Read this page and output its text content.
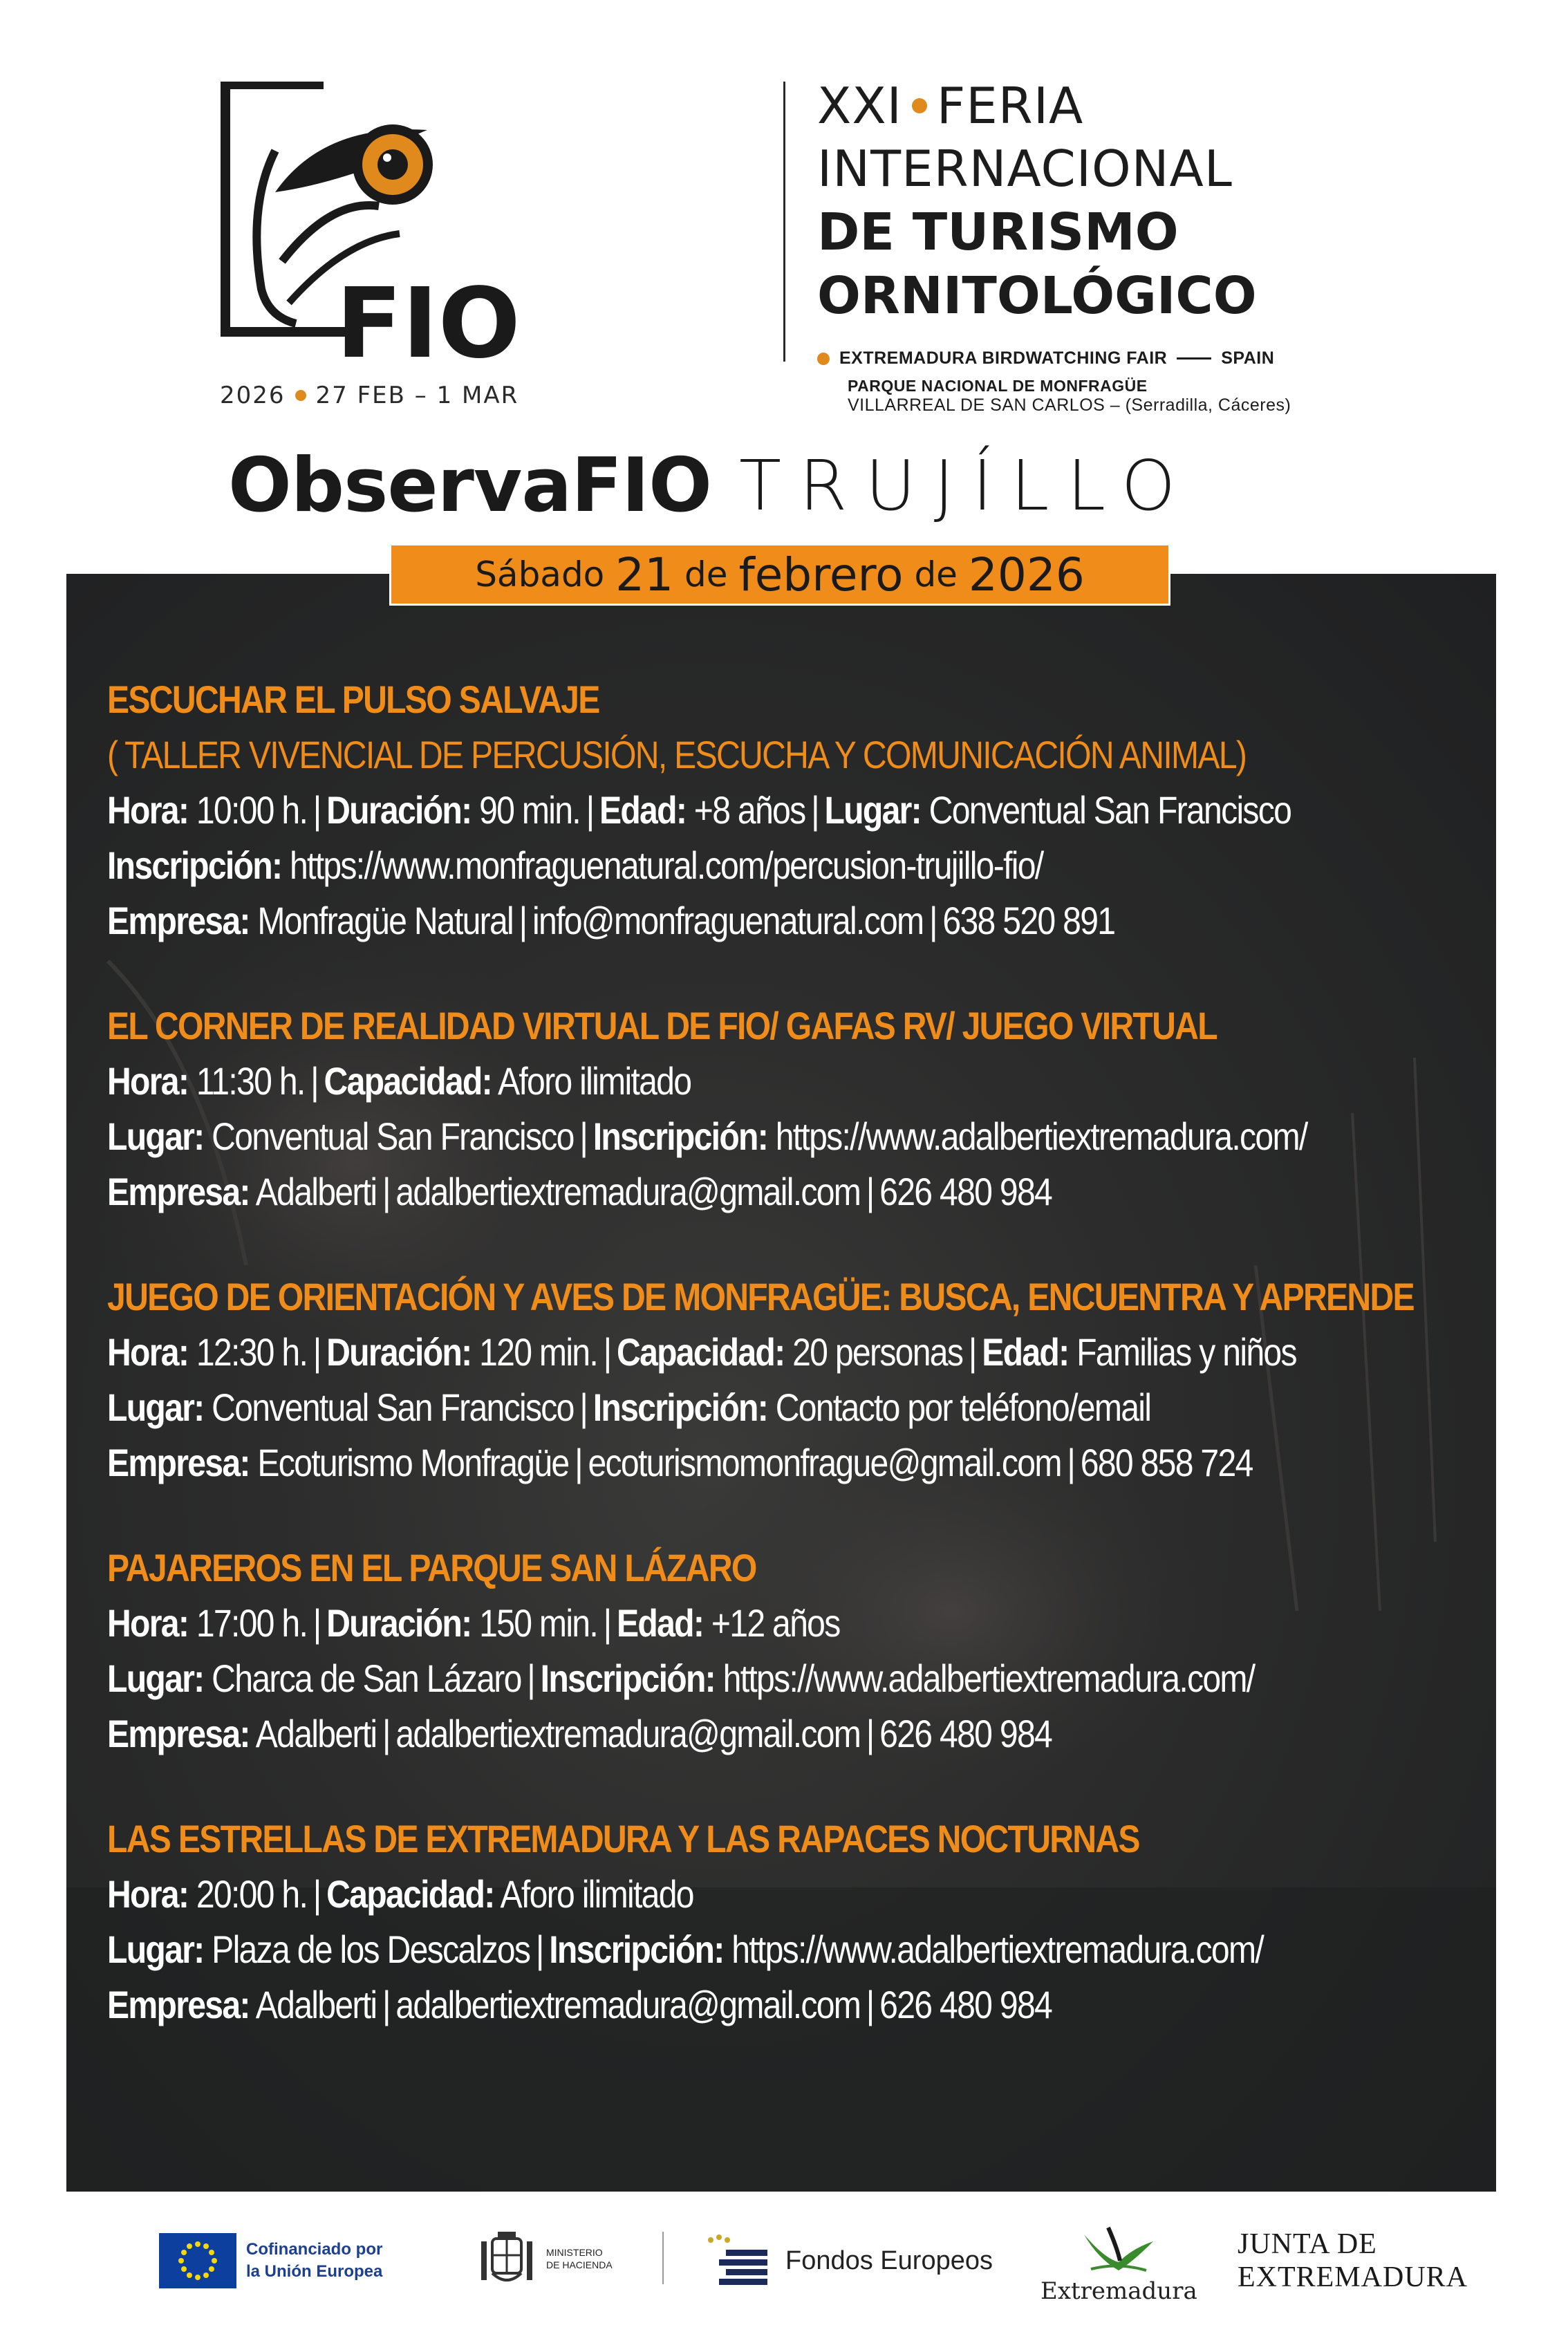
FIO
2026 27 FEB – 1 MAR
XXI FERIA
INTERNACIONAL
DE TURISMO
ORNITOLÓGICO
EXTREMADURA BIRDWATCHING FAIR	SPAIN
PARQUE NACIONAL DE MONFRAGÜE
VILLARREAL DE SAN CARLOS – (Serradilla, Cáceres)
ObservaFIO TRUJÍLLO
Sábado 21 de febrero de 2026
ESCUCHAR EL PULSO SALVAJE
( TALLER VIVENCIAL DE PERCUSIÓN, ESCUCHA Y COMUNICACIÓN ANIMAL)
Hora: 10:00 h. | Duración: 90 min. | Edad: +8 años | Lugar: Conventual San Francisco
Inscripción: https://www.monfraguenatural.com/percusion-trujillo-fio/
Empresa: Monfragüe Natural | info@monfraguenatural.com | 638 520 891
EL CORNER DE REALIDAD VIRTUAL DE FIO/ GAFAS RV/ JUEGO VIRTUAL
Hora: 11:30 h. | Capacidad: Aforo ilimitado
Lugar: Conventual San Francisco | Inscripción: https://www.adalbertiextremadura.com/
Empresa: Adalberti | adalbertiextremadura@gmail.com | 626 480 984
JUEGO DE ORIENTACIÓN Y AVES DE MONFRAGÜE: BUSCA, ENCUENTRA Y APRENDE
Hora: 12:30 h. | Duración: 120 min. | Capacidad: 20 personas | Edad: Familias y niños
Lugar: Conventual San Francisco | Inscripción: Contacto por teléfono/email
Empresa: Ecoturismo Monfragüe | ecoturismomonfrague@gmail.com | 680 858 724
PAJAREROS EN EL PARQUE SAN LÁZARO
Hora: 17:00 h. | Duración: 150 min. | Edad: +12 años
Lugar: Charca de San Lázaro | Inscripción: https://www.adalbertiextremadura.com/
Empresa: Adalberti | adalbertiextremadura@gmail.com | 626 480 984
LAS ESTRELLAS DE EXTREMADURA Y LAS RAPACES NOCTURNAS
Hora: 20:00 h. | Capacidad: Aforo ilimitado
Lugar: Plaza de los Descalzos | Inscripción: https://www.adalbertiextremadura.com/
Empresa: Adalberti | adalbertiextremadura@gmail.com | 626 480 984
Cofinanciado por
la Unión Europea
MINISTERIO
DE HACIENDA	Fondos Europeos
Extremadura
JUNTA DE
EXTREMADURA
